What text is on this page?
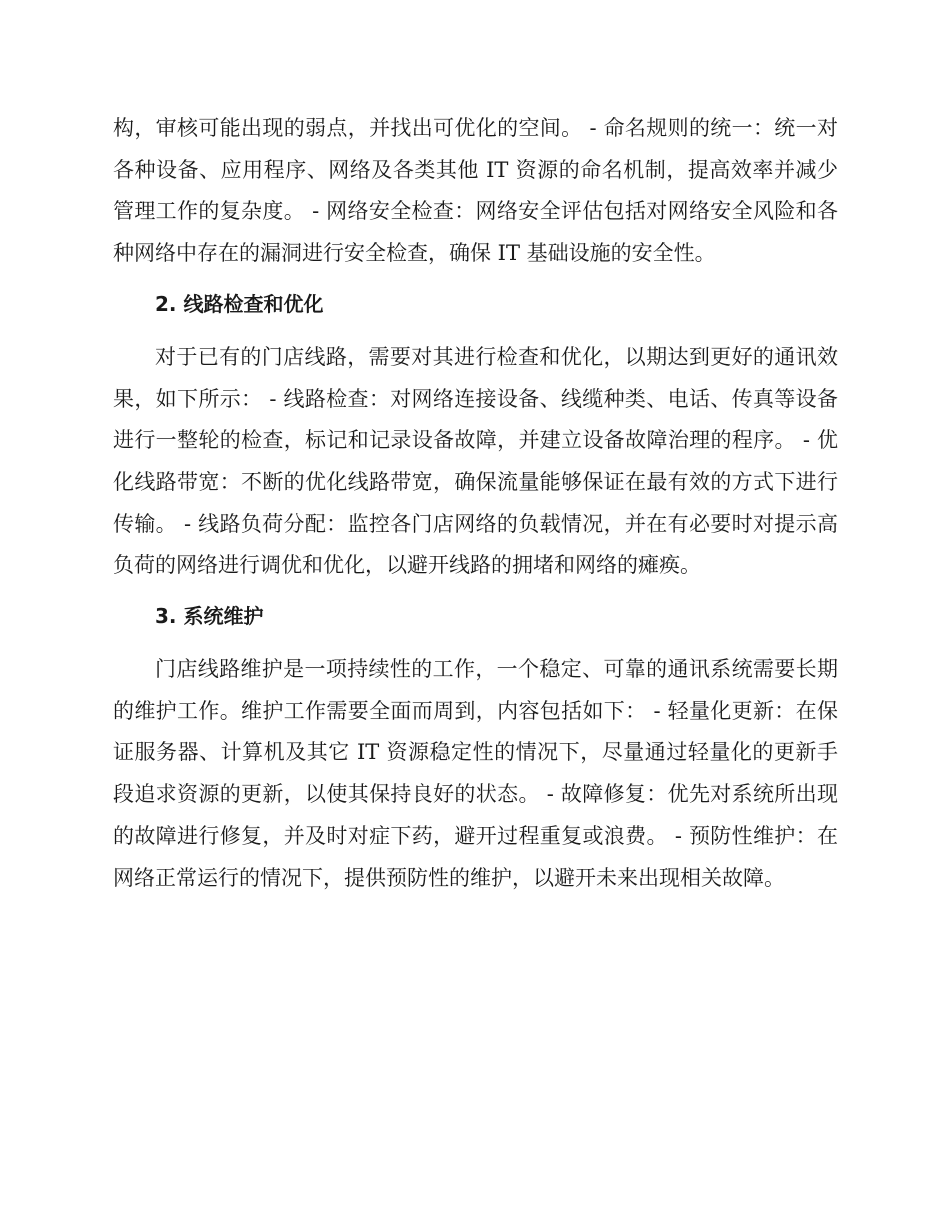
构，审核可能出现的弱点，并找出可优化的空间。 - 命名规则的统一：统一对各种设备、应用程序、网络及各类其他 IT 资源的命名机制，提高效率并减少管理工作的复杂度。 - 网络安全检查：网络安全评估包括对网络安全风险和各种网络中存在的漏洞进行安全检查，确保 IT 基础设施的安全性。

2. 线路检查和优化

对于已有的门店线路，需要对其进行检查和优化，以期达到更好的通讯效果，如下所示： - 线路检查：对网络连接设备、线缆种类、电话、传真等设备进行一整轮的检查，标记和记录设备故障，并建立设备故障治理的程序。 - 优化线路带宽：不断的优化线路带宽，确保流量能够保证在最有效的方式下进行传输。 - 线路负荷分配：监控各门店网络的负载情况，并在有必要时对提示高负荷的网络进行调优和优化，以避开线路的拥堵和网络的瘫痪。

3. 系统维护

门店线路维护是一项持续性的工作，一个稳定、可靠的通讯系统需要长期的维护工作。维护工作需要全面而周到，内容包括如下： - 轻量化更新：在保证服务器、计算机及其它 IT 资源稳定性的情况下，尽量通过轻量化的更新手段追求资源的更新，以使其保持良好的状态。 - 故障修复：优先对系统所出现的故障进行修复，并及时对症下药，避开过程重复或浪费。 - 预防性维护：在网络正常运行的情况下，提供预防性的维护，以避开未来出现相关故障。
